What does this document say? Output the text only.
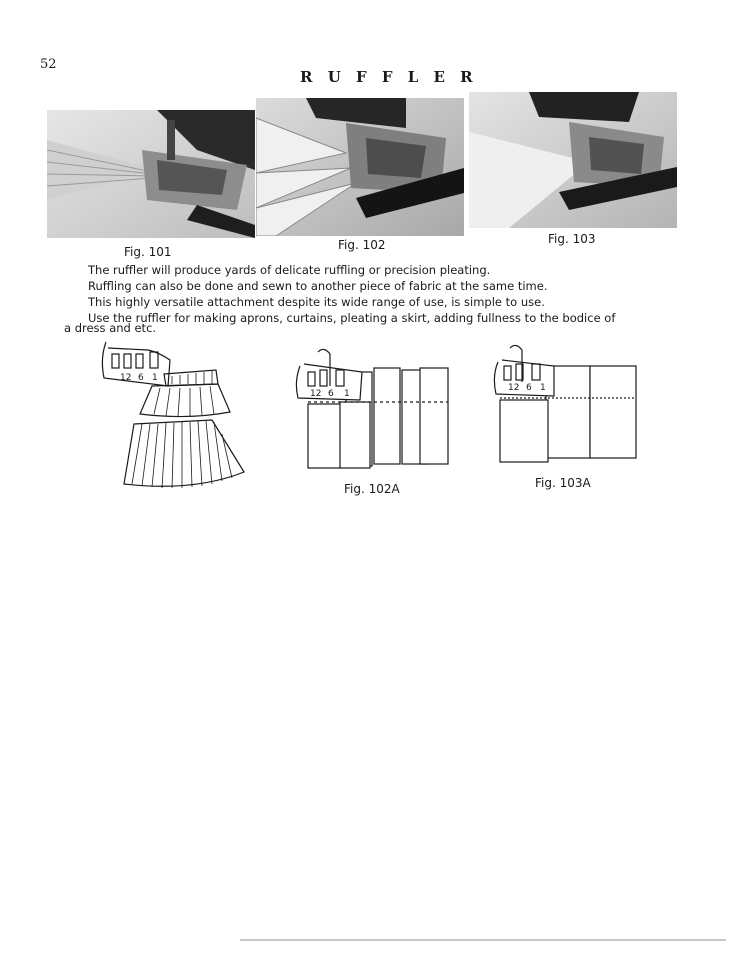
52
R U F F L E R
Fig. 101	Fig. 102	Fig. 103
The ruffler will produce yards of delicate ruffling or precision pleating.
Ruffling can also be done and sewn to another piece of fabric at the same time.
This highly versatile attachment despite its wide range of use, is simple to use.
Use the ruffler for making aprons, curtains, pleating a skirt, adding fullness to the bodice of
a dress and etc.
12 6 1
12 6 1
Fig. 102A
12 6 1
Fig. 103A
